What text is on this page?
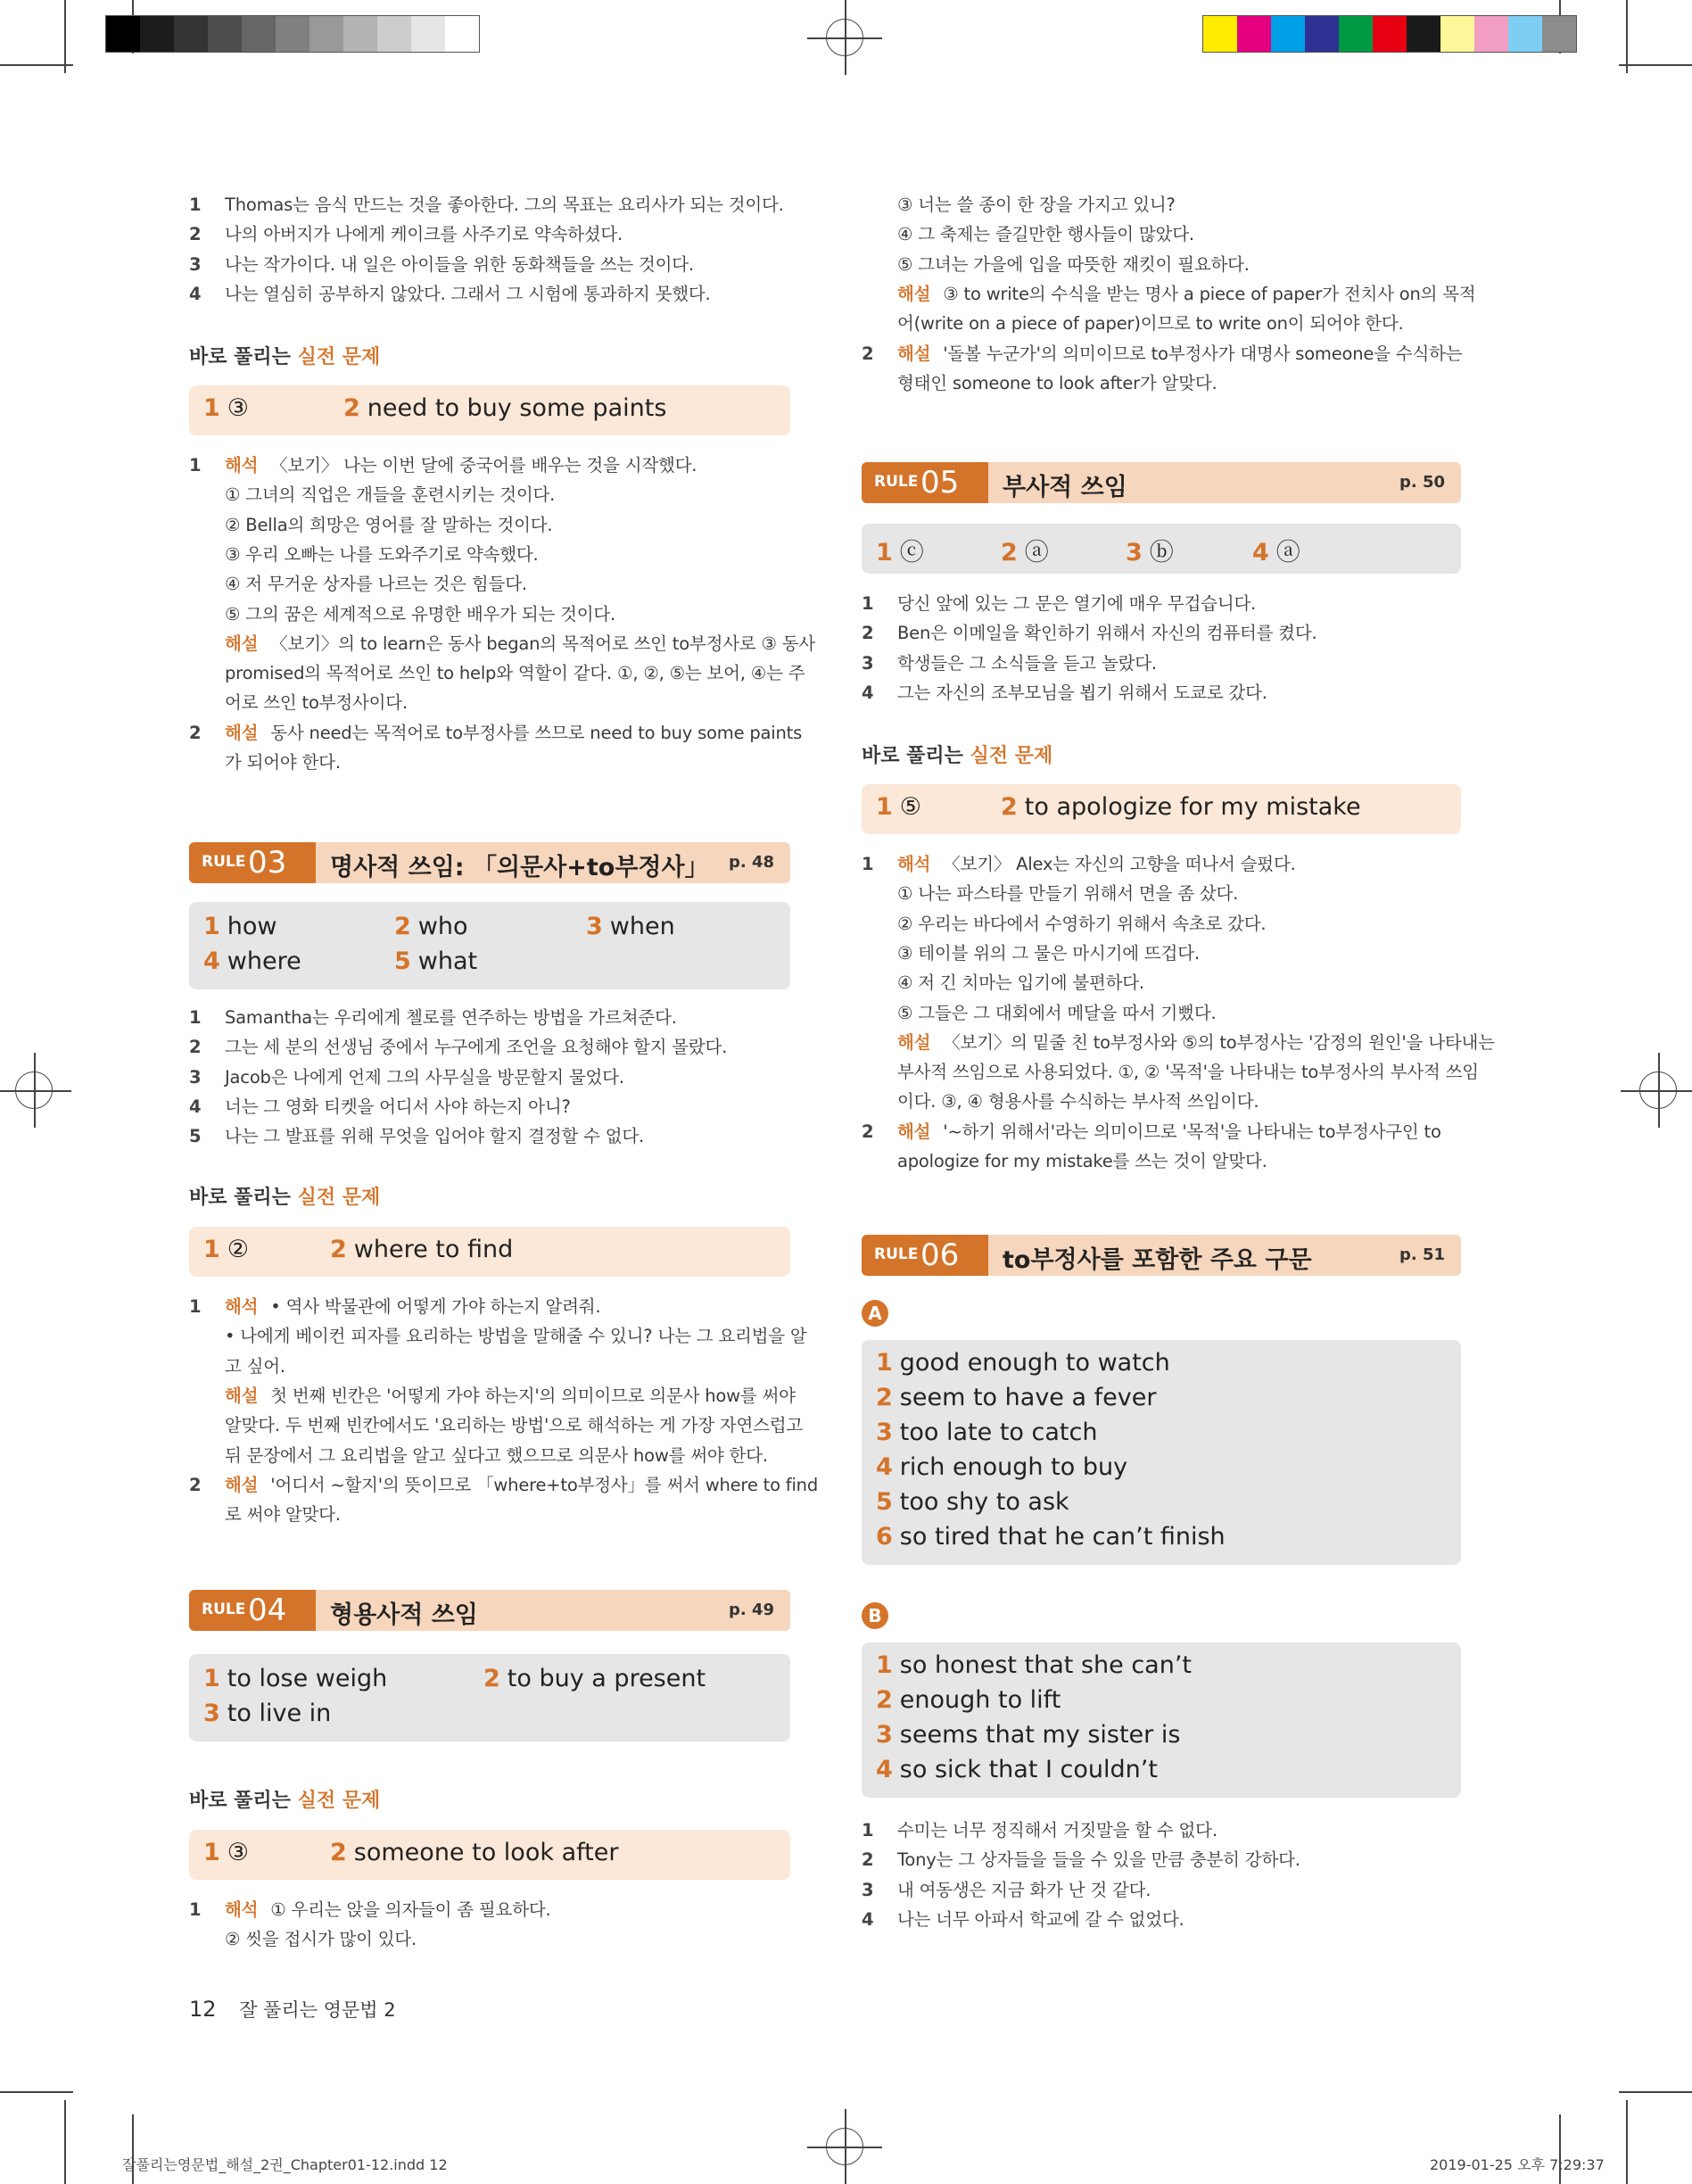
1	Thomas는 음식 만드는 것을 좋아한다. 그의 목표는 요리사가 되는 것이다.
2	나의 아버지가 나에게 케이크를 사주기로 약속하셨다.
3	나는 작가이다. 내 일은 아이들을 위한 동화책들을 쓰는 것이다.
4	나는 열심히 공부하지 않았다. 그래서 그 시험에 통과하지 못했다.
바로 풀리는 실전 문제
1 ③	2 need to buy some paints
1	해석 〈보기〉 나는 이번 달에 중국어를 배우는 것을 시작했다.
① 그녀의 직업은 개들을 훈련시키는 것이다.
② Bella의 희망은 영어를 잘 말하는 것이다.
③ 우리 오빠는 나를 도와주기로 약속했다.
④ 저 무거운 상자를 나르는 것은 힘들다.
⑤ 그의 꿈은 세계적으로 유명한 배우가 되는 것이다.
해설 〈보기〉의 to learn은 동사 began의 목적어로 쓰인 to부정사로 ③ 동사
promised의 목적어로 쓰인 to help와 역할이 같다. ①, ②, ⑤는 보어, ④는 주
어로 쓰인 to부정사이다.
2	해설 동사 need는 목적어로 to부정사를 쓰므로 need to buy some paints
가 되어야 한다.
RULE 03 명사적 쓰임: 「의문사+to부정사」 p. 48
1 how	2 who	3 when
4 where	5 what
1	Samantha는 우리에게 첼로를 연주하는 방법을 가르쳐준다.
2	그는 세 분의 선생님 중에서 누구에게 조언을 요청해야 할지 몰랐다.
3	Jacob은 나에게 언제 그의 사무실을 방문할지 물었다.
4	너는 그 영화 티켓을 어디서 사야 하는지 아니?
5	나는 그 발표를 위해 무엇을 입어야 할지 결정할 수 없다.
바로 풀리는 실전 문제
1 ②	2 where to find
1	해석 • 역사 박물관에 어떻게 가야 하는지 알려줘.
• 나에게 베이컨 피자를 요리하는 방법을 말해줄 수 있니? 나는 그 요리법을 알
고 싶어.
해설 첫 번째 빈칸은 '어떻게 가야 하는지'의 의미이므로 의문사 how를 써야
알맞다. 두 번째 빈칸에서도 '요리하는 방법'으로 해석하는 게 가장 자연스럽고
뒤 문장에서 그 요리법을 알고 싶다고 했으므로 의문사 how를 써야 한다.
2	해설 '어디서 ~할지'의 뜻이므로 「where+to부정사」를 써서 where to find
로 써야 알맞다.
RULE 04 형용사적 쓰임	p. 49
1 to lose weigh	2 to buy a present
3 to live in
바로 풀리는 실전 문제
1 ③	2 someone to look after
1	해석 ① 우리는 앉을 의자들이 좀 필요하다.
② 씻을 접시가 많이 있다.
12 잘 풀리는 영문법 2
③ 너는 쓸 종이 한 장을 가지고 있니?
④ 그 축제는 즐길만한 행사들이 많았다.
⑤ 그녀는 가을에 입을 따뜻한 재킷이 필요하다.
해설 ③ to write의 수식을 받는 명사 a piece of paper가 전치사 on의 목적
어(write on a piece of paper)이므로 to write on이 되어야 한다.
2	해설 '돌볼 누군가'의 의미이므로 to부정사가 대명사 someone을 수식하는
형태인 someone to look after가 알맞다.
RULE 05 부사적 쓰임	p. 50
1 ⓒ	2 ⓐ	3 ⓑ	4 ⓐ
1	당신 앞에 있는 그 문은 열기에 매우 무겁습니다.
2	Ben은 이메일을 확인하기 위해서 자신의 컴퓨터를 켰다.
3	학생들은 그 소식들을 듣고 놀랐다.
4	그는 자신의 조부모님을 뵙기 위해서 도쿄로 갔다.
바로 풀리는 실전 문제
1 ⑤	2 to apologize for my mistake
1	해석 〈보기〉 Alex는 자신의 고향을 떠나서 슬펐다.
① 나는 파스타를 만들기 위해서 면을 좀 샀다.
② 우리는 바다에서 수영하기 위해서 속초로 갔다.
③ 테이블 위의 그 물은 마시기에 뜨겁다.
④ 저 긴 치마는 입기에 불편하다.
⑤ 그들은 그 대회에서 메달을 따서 기뻤다.
해설 〈보기〉의 밑줄 친 to부정사와 ⑤의 to부정사는 '감정의 원인'을 나타내는
부사적 쓰임으로 사용되었다. ①, ② '목적'을 나타내는 to부정사의 부사적 쓰임
이다. ③, ④ 형용사를 수식하는 부사적 쓰임이다.
2	해설 '~하기 위해서'라는 의미이므로 '목적'을 나타내는 to부정사구인 to
apologize for my mistake를 쓰는 것이 알맞다.
RULE 06 to부정사를 포함한 주요 구문	p. 51
A
1 good enough to watch
2 seem to have a fever
3 too late to catch
4 rich enough to buy
5 too shy to ask
6 so tired that he can’t finish
B
1 so honest that she can’t
2 enough to lift
3 seems that my sister is
4 so sick that I couldn’t
1	수미는 너무 정직해서 거짓말을 할 수 없다.
2	Tony는 그 상자들을 들을 수 있을 만큼 충분히 강하다.
3	내 여동생은 지금 화가 난 것 같다.
4	나는 너무 아파서 학교에 갈 수 없었다.
잘풀리는영문법_해설_2권_Chapter01-12.indd 12	2019-01-25 오후 7:29:37
